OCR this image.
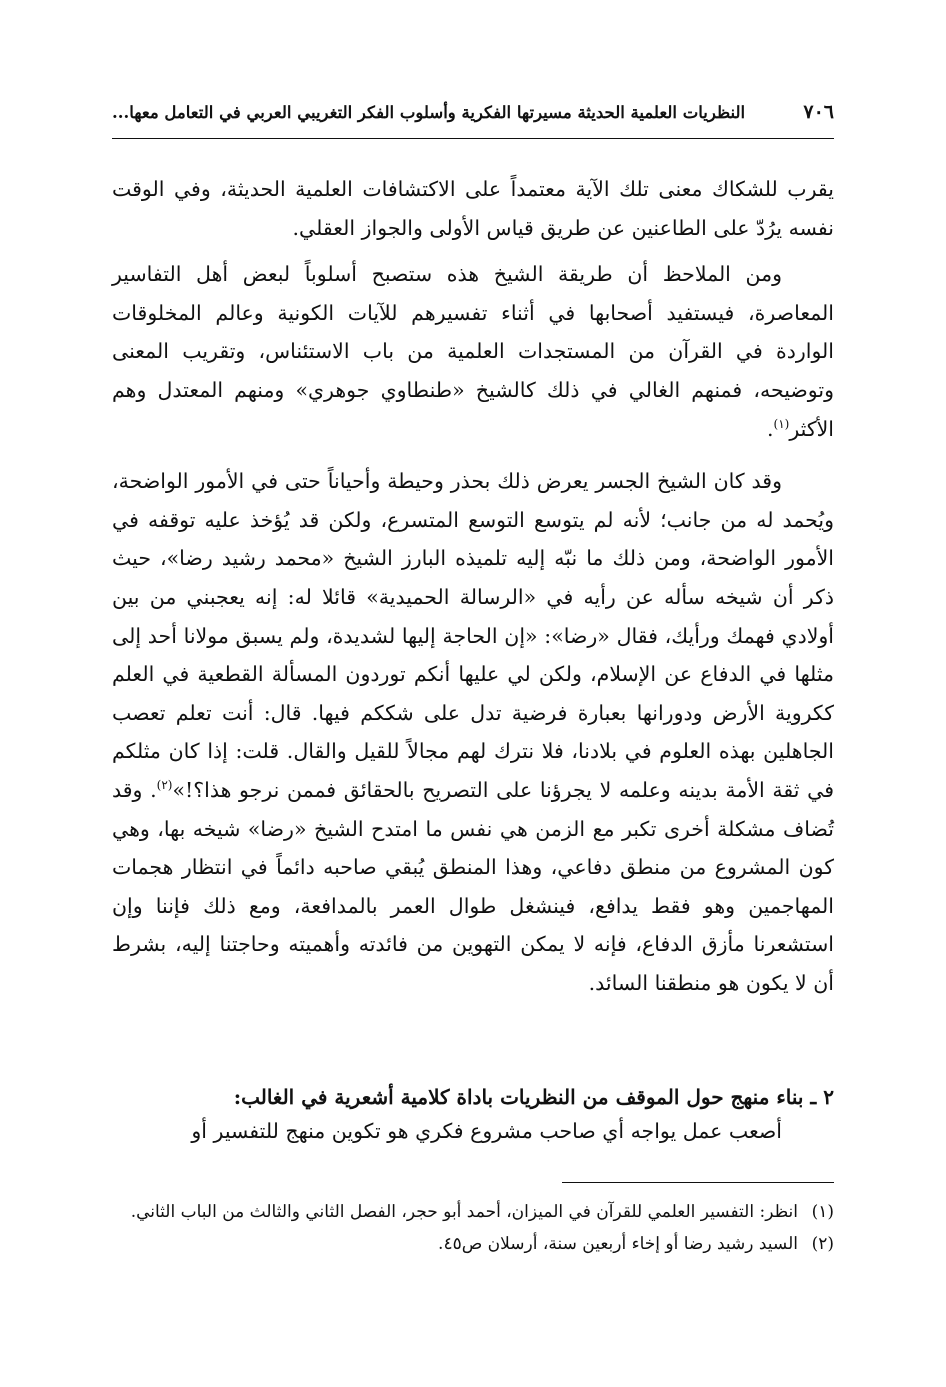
٧٠٦
النظريات العلمية الحديثة مسيرتها الفكرية وأسلوب الفكر التغريبي العربي في التعامل معها...

يقرب للشكاك معنى تلك الآية معتمداً على الاكتشافات العلمية الحديثة، وفي الوقت نفسه يرُدّ على الطاعنين عن طريق قياس الأولى والجواز العقلي.

ومن الملاحظ أن طريقة الشيخ هذه ستصبح أسلوباً لبعض أهل التفاسير المعاصرة، فيستفيد أصحابها في أثناء تفسيرهم للآيات الكونية وعالم المخلوقات الواردة في القرآن من المستجدات العلمية من باب الاستئناس، وتقريب المعنى وتوضيحه، فمنهم الغالي في ذلك كالشيخ «طنطاوي جوهري» ومنهم المعتدل وهم الأكثر$^{(١)}$.

وقد كان الشيخ الجسر يعرض ذلك بحذر وحيطة وأحياناً حتى في الأمور الواضحة، ويُحمد له من جانب؛ لأنه لم يتوسع التوسع المتسرع، ولكن قد يُؤخذ عليه توقفه في الأمور الواضحة، ومن ذلك ما نبّه إليه تلميذه البارز الشيخ «محمد رشيد رضا»، حيث ذكر أن شيخه سأله عن رأيه في «الرسالة الحميدية» قائلا له: إنه يعجبني من بين أولادي فهمك ورأيك، فقال «رضا»: «إن الحاجة إليها لشديدة، ولم يسبق مولانا أحد إلى مثلها في الدفاع عن الإسلام، ولكن لي عليها أنكم توردون المسألة القطعية في العلم ككروية الأرض ودورانها بعبارة فرضية تدل على شككم فيها. قال: أنت تعلم تعصب الجاهلين بهذه العلوم في بلادنا، فلا نترك لهم مجالاً للقيل والقال. قلت: إذا كان مثلكم في ثقة الأمة بدينه وعلمه لا يجرؤنا على التصريح بالحقائق فممن نرجو هذا؟!»$^{(٢)}$. وقد تُضاف مشكلة أخرى تكبر مع الزمن هي نفس ما امتدح الشيخ «رضا» شيخه بها، وهي كون المشروع من منطق دفاعي، وهذا المنطق يُبقي صاحبه دائماً في انتظار هجمات المهاجمين وهو فقط يدافع، فينشغل طوال العمر بالمدافعة، ومع ذلك فإننا وإن استشعرنا مأزق الدفاع، فإنه لا يمكن التهوين من فائدته وأهميته وحاجتنا إليه، بشرط أن لا يكون هو منطقنا السائد.

٢ ـ بناء منهج حول الموقف من النظريات باداة كلامية أشعرية في الغالب:
أصعب عمل يواجه أي صاحب مشروع فكري هو تكوين منهج للتفسير أو
(١)
انظر: التفسير العلمي للقرآن في الميزان، أحمد أبو حجر، الفصل الثاني والثالث من الباب الثاني.
(٢)
السيد رشيد رضا أو إخاء أربعين سنة، أرسلان ص٤٥.
